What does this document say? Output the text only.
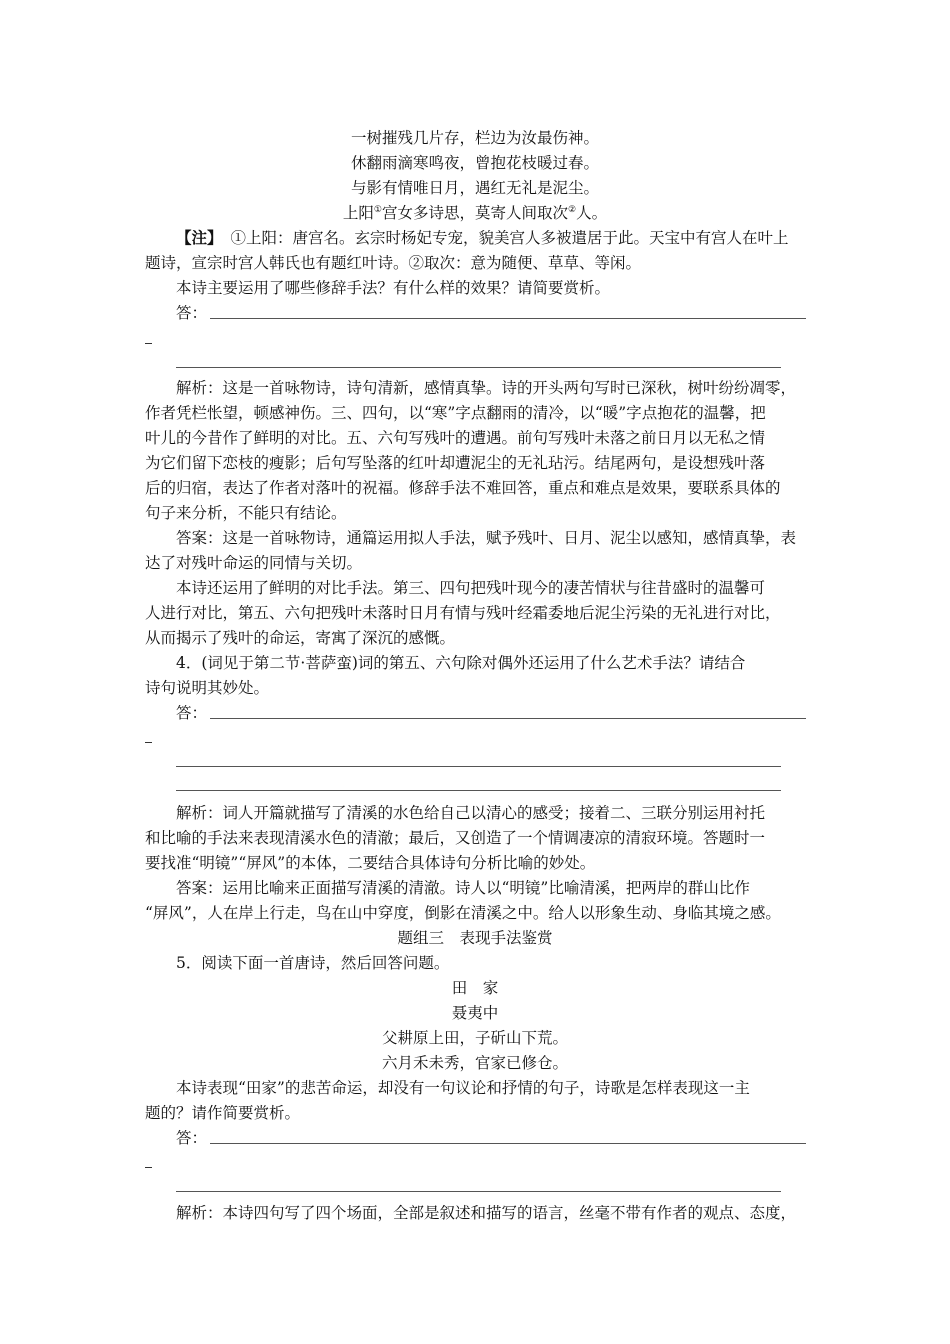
一树摧残几片存，栏边为汝最伤神。
休翻雨滴寒鸣夜，曾抱花枝暖过春。
与影有情唯日月，遇红无礼是泥尘。
上阳①宫女多诗思，莫寄人间取次②人。
【注】 ①上阳：唐宫名。玄宗时杨妃专宠，貌美宫人多被遣居于此。天宝中有宫人在叶上
题诗，宣宗时宫人韩氏也有题红叶诗。②取次：意为随便、草草、等闲。
本诗主要运用了哪些修辞手法？有什么样的效果？请简要赏析。
答：
解析：这是一首咏物诗，诗句清新，感情真挚。诗的开头两句写时已深秋，树叶纷纷凋零，
作者凭栏怅望，顿感神伤。三、四句，以“寒”字点翻雨的清冷，以“暖”字点抱花的温馨，把
叶儿的今昔作了鲜明的对比。五、六句写残叶的遭遇。前句写残叶未落之前日月以无私之情
为它们留下恋枝的瘦影；后句写坠落的红叶却遭泥尘的无礼玷污。结尾两句，是设想残叶落
后的归宿，表达了作者对落叶的祝福。修辞手法不难回答，重点和难点是效果，要联系具体的
句子来分析，不能只有结论。
答案：这是一首咏物诗，通篇运用拟人手法，赋予残叶、日月、泥尘以感知，感情真挚，表
达了对残叶命运的同情与关切。
本诗还运用了鲜明的对比手法。第三、四句把残叶现今的凄苦情状与往昔盛时的温馨可
人进行对比，第五、六句把残叶未落时日月有情与残叶经霜委地后泥尘污染的无礼进行对比，
从而揭示了残叶的命运，寄寓了深沉的感慨。
4．(词见于第二节·菩萨蛮)词的第五、六句除对偶外还运用了什么艺术手法？请结合
诗句说明其妙处。
答：
解析：词人开篇就描写了清溪的水色给自己以清心的感受；接着二、三联分别运用衬托
和比喻的手法来表现清溪水色的清澈；最后，又创造了一个情调凄凉的清寂环境。答题时一
要找准“明镜”“屏风”的本体，二要结合具体诗句分析比喻的妙处。
答案：运用比喻来正面描写清溪的清澈。诗人以“明镜”比喻清溪，把两岸的群山比作
“屏风”，人在岸上行走，鸟在山中穿度，倒影在清溪之中。给人以形象生动、身临其境之感。
题组三　表现手法鉴赏
5．阅读下面一首唐诗，然后回答问题。
田　家
聂夷中
父耕原上田，子斫山下荒。
六月禾未秀，官家已修仓。
本诗表现“田家”的悲苦命运，却没有一句议论和抒情的句子，诗歌是怎样表现这一主
题的？请作简要赏析。
答：
解析：本诗四句写了四个场面，全部是叙述和描写的语言，丝毫不带有作者的观点、态度，
